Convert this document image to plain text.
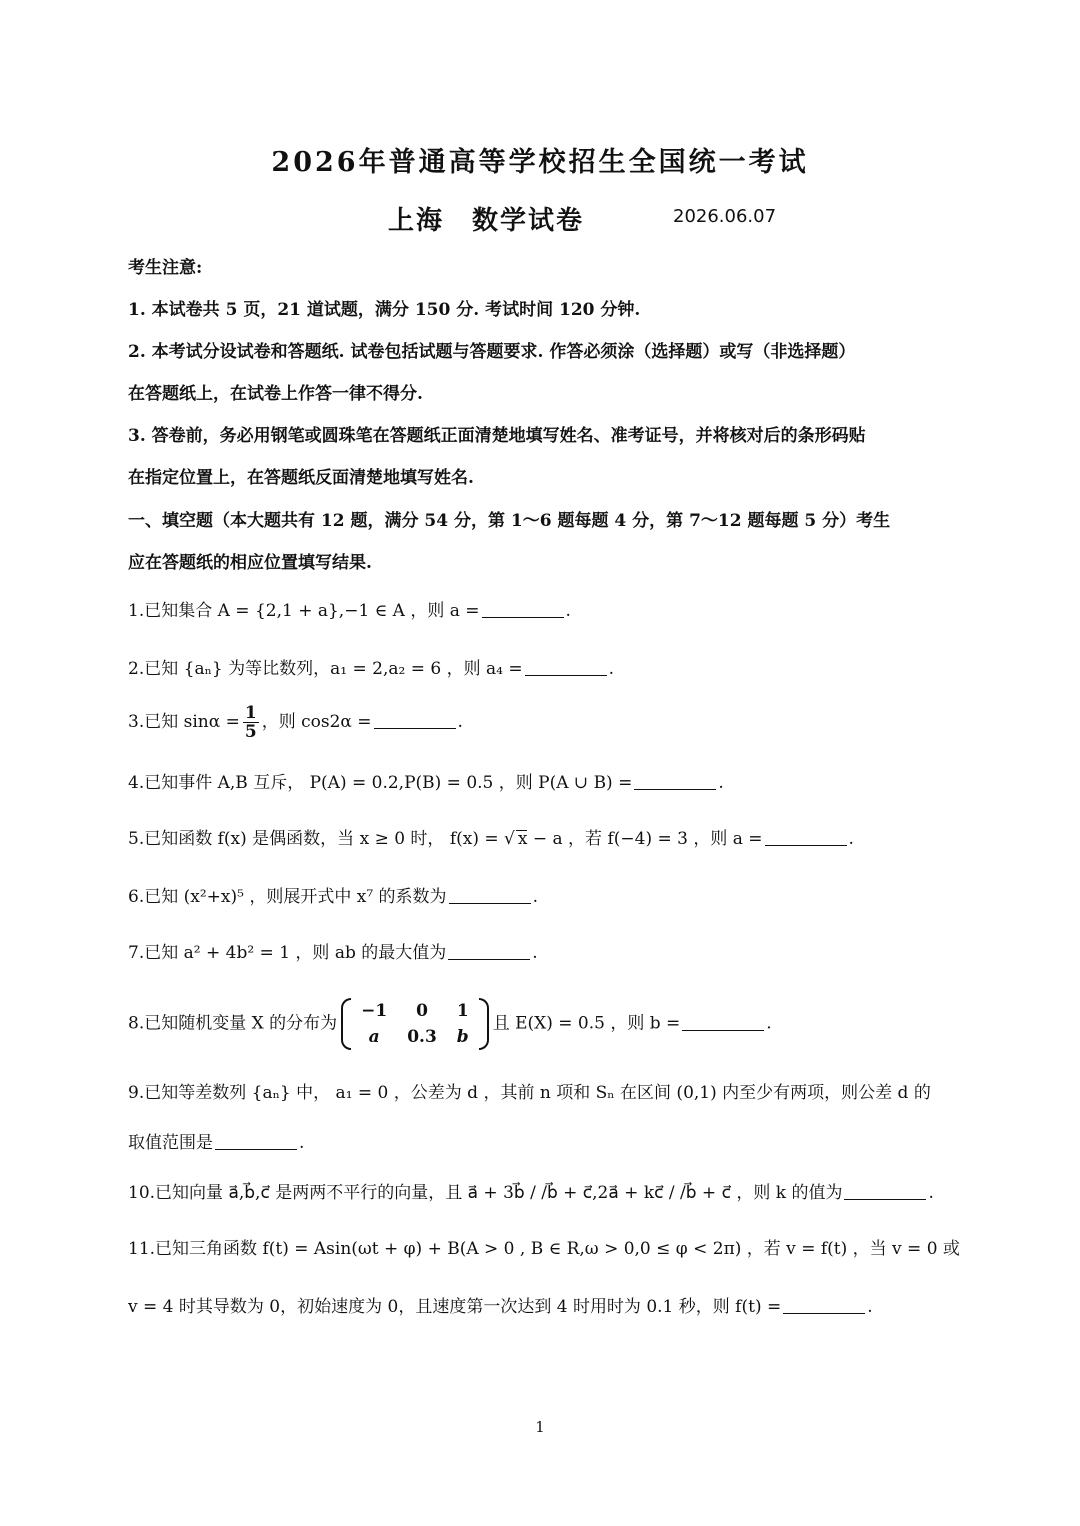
2026年普通高等学校招生全国统一考试
上海　数学试卷	2026.06.07
考生注意:
1. 本试卷共 5 页，21 道试题，满分 150 分. 考试时间 120 分钟.
2. 本考试分设试卷和答题纸. 试卷包括试题与答题要求. 作答必须涂（选择题）或写（非选择题）
在答题纸上，在试卷上作答一律不得分.
3. 答卷前，务必用钢笔或圆珠笔在答题纸正面清楚地填写姓名、准考证号，并将核对后的条形码贴
在指定位置上，在答题纸反面清楚地填写姓名.
一、填空题（本大题共有 12 题，满分 54 分，第 1～6 题每题 4 分，第 7～12 题每题 5 分）考生
应在答题纸的相应位置填写结果.
1.已知集合 A = {2,1 + a},−1 ∈ A ，则 a =	.
2.已知 {aₙ} 为等比数列，a₁ = 2,a₂ = 6 ，则 a₄ =	.
3.已知 $\sin\alpha = \frac{1}{5}$ ，则 cos2α =	.
4.已知事件 A,B 互斥， P(A) = 0.2,P(B) = 0.5 ，则 P(A ∪ B) =	.
5.已知函数 f(x) 是偶函数，当 x ≥ 0 时， f(x) = √ x − a ，若 f(−4) = 3 ，则 a =	.
6.已知 (x²+x)⁵ ，则展开式中 x⁷ 的系数为	.
7.已知 a² + 4b² = 1 ，则 ab 的最大值为	.
8.已知随机变量 X 的分布为
−1	0	1
a	0.3	b
且 E(X) = 0.5 ，则 b =	.
9.已知等差数列 {aₙ} 中， a₁ = 0 ，公差为 d ，其前 n 项和 Sₙ 在区间 (0,1) 内至少有两项，则公差 d 的
取值范围是	.
10.已知向量 a⃗,b⃗,c⃗ 是两两不平行的向量，且 a⃗ + 3b⃗ / /b⃗ + c⃗,2a⃗ + kc⃗ / /b⃗ + c⃗ ，则 k 的值为	.
11.已知三角函数 f(t) = Asin(ωt + φ) + B(A > 0 , B ∈ R,ω > 0,0 ≤ φ < 2π) ，若 v = f(t) ，当 v = 0 或
v = 4 时其导数为 0，初始速度为 0，且速度第一次达到 4 时用时为 0.1 秒，则 f(t) =	.
1
